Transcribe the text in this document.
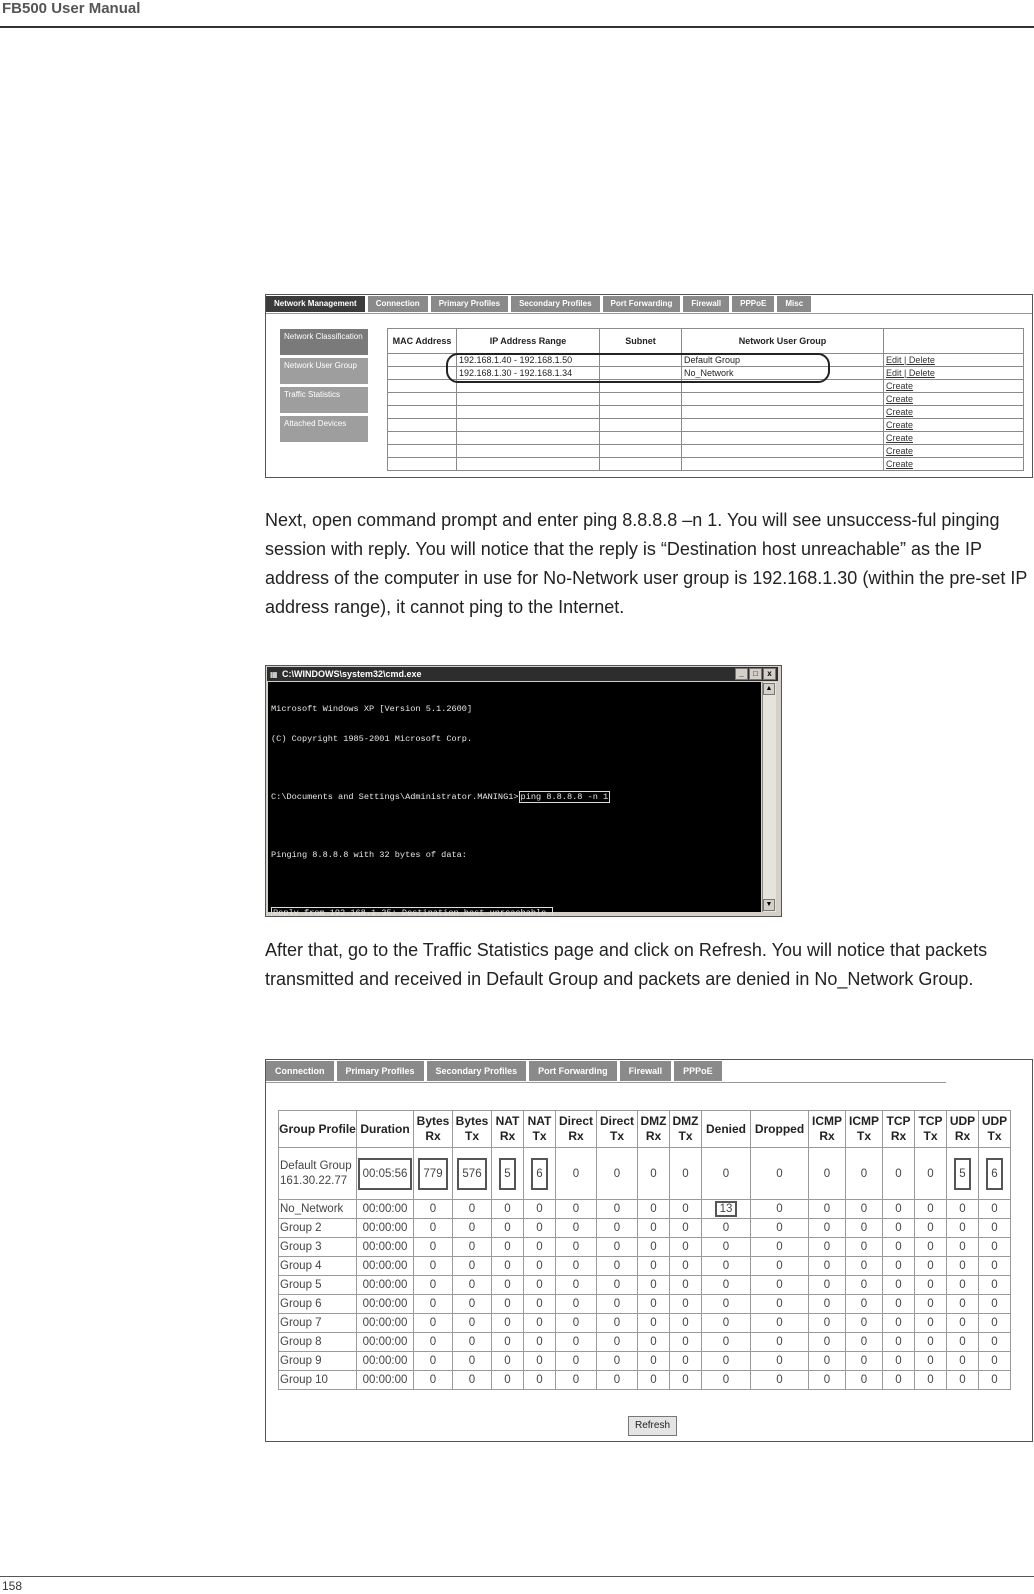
FB500 User Manual
Network Management	Connection	Primary Profiles	Secondary Profiles	Port Forwarding	Firewall	PPPoE	Misc
Network Classification
Network User Group
Traffic Statistics
Attached Devices
MAC Address	IP Address Range	Subnet	Network User Group	
	192.168.1.40 - 192.168.1.50		Default Group	Edit | Delete
	192.168.1.30 - 192.168.1.34		No_Network	Edit | Delete
				Create
				Create
				Create
				Create
				Create
				Create
				Create
Next, open command prompt and enter ping 8.8.8.8 –n 1. You will see unsuccess-ful pinging session with reply. You will notice that the reply is “Destination host unreachable” as the IP address of the computer in use for No-Network user group is 192.168.1.30 (within the pre-set IP address range), it cannot ping to the Internet.
▦ C:\WINDOWS\system32\cmd.exe	_	□	x

Microsoft Windows XP [Version 5.1.2600]

(C) Copyright 1985-2001 Microsoft Corp.

C:\Documents and Settings\Administrator.MANING1> ping 8.8.8.8 -n 1

Pinging 8.8.8.8 with 32 bytes of data:

Reply from 192.168.1.35: Destination host unreachable.

▲
▼
After that, go to the Traffic Statistics page and click on Refresh. You will notice that packets transmitted and received in Default Group and packets are denied in No_Network Group.
Connection	Primary Profiles	Secondary Profiles	Port Forwarding	Firewall	PPPoE
Group Profile	Duration	Bytes Rx	Bytes Tx	NAT Rx	NAT Tx	Direct Rx	Direct Tx	DMZ Rx	DMZ Tx	Denied	Dropped	ICMP Rx	ICMP Tx	TCP Rx	TCP Tx	UDP Rx	UDP Tx
Default Group 161.30.22.77	00:05:56	779	576	5	6	0	0	0	0	0	0	0	0	0	0	5	6
No_Network	00:00:00	0	0	0	0	0	0	0	0	13	0	0	0	0	0	0	0
Group 2	00:00:00	0	0	0	0	0	0	0	0	0	0	0	0	0	0	0	0
Group 3	00:00:00	0	0	0	0	0	0	0	0	0	0	0	0	0	0	0	0
Group 4	00:00:00	0	0	0	0	0	0	0	0	0	0	0	0	0	0	0	0
Group 5	00:00:00	0	0	0	0	0	0	0	0	0	0	0	0	0	0	0	0
Group 6	00:00:00	0	0	0	0	0	0	0	0	0	0	0	0	0	0	0	0
Group 7	00:00:00	0	0	0	0	0	0	0	0	0	0	0	0	0	0	0	0
Group 8	00:00:00	0	0	0	0	0	0	0	0	0	0	0	0	0	0	0	0
Group 9	00:00:00	0	0	0	0	0	0	0	0	0	0	0	0	0	0	0	0
Group 10	00:00:00	0	0	0	0	0	0	0	0	0	0	0	0	0	0	0	0
Refresh
158
